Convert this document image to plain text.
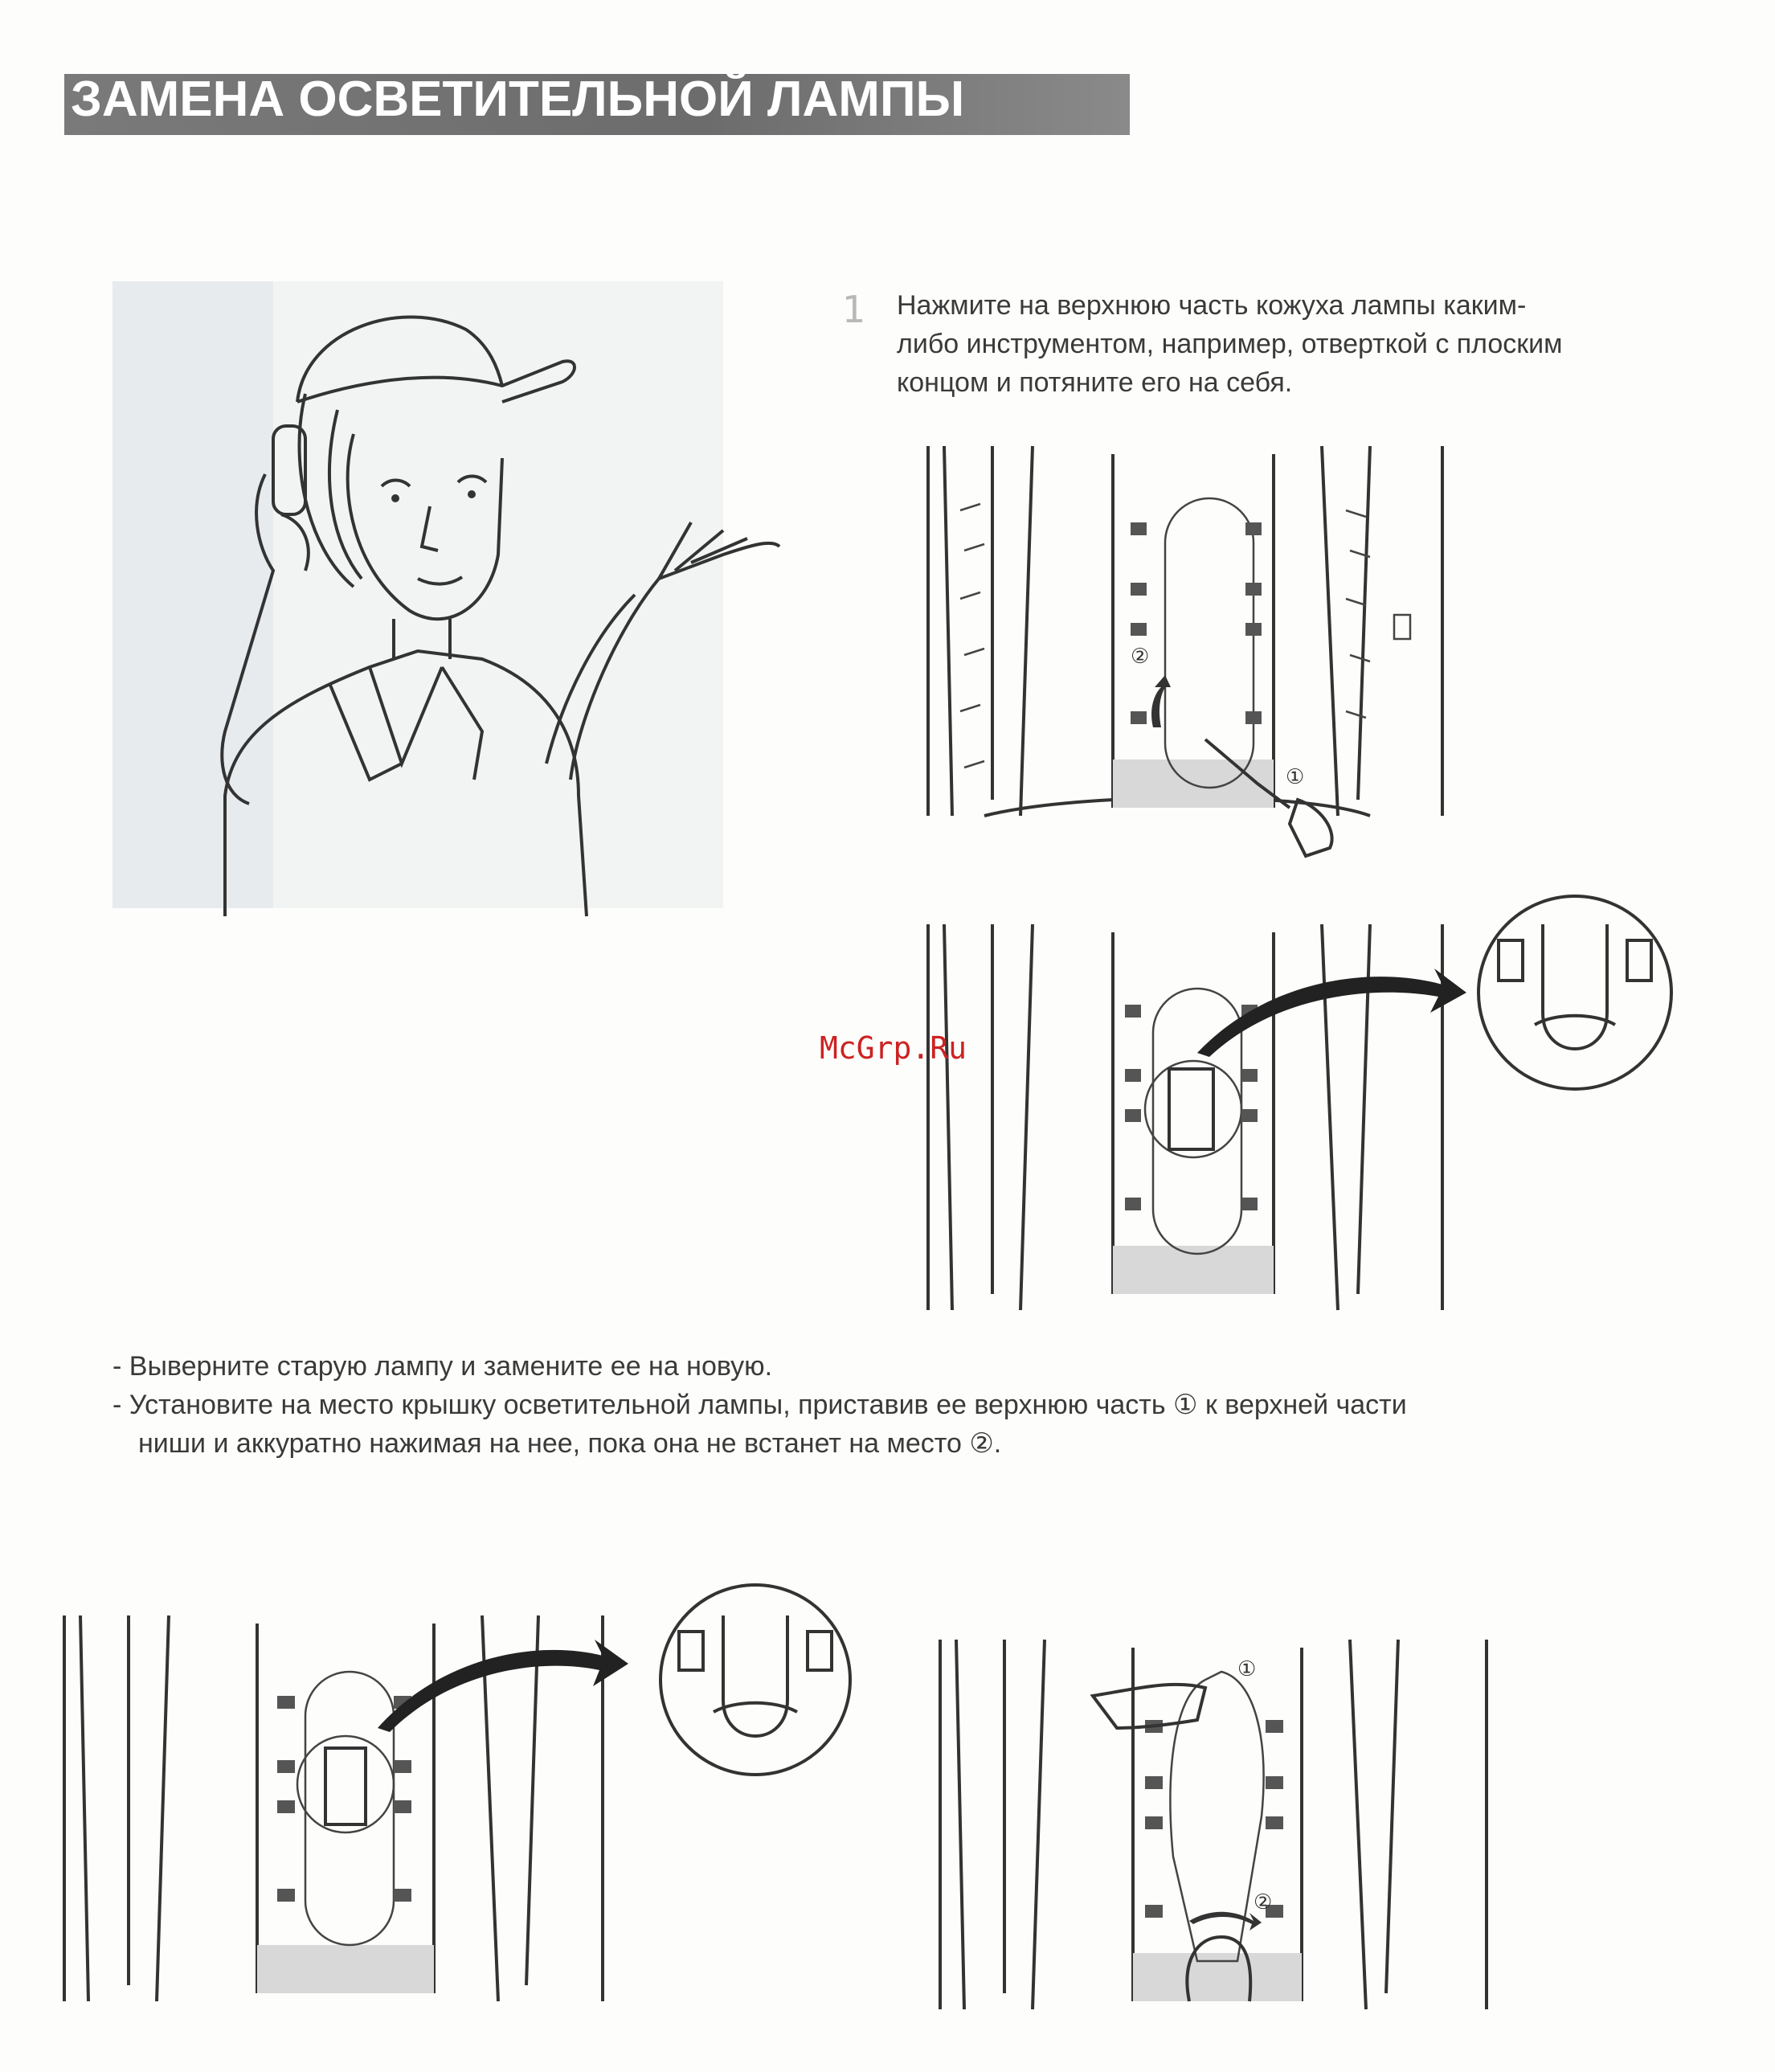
ЗАМЕНА ОСВЕТИТЕЛЬНОЙ ЛАМПЫ
1 Нажмите на верхнюю часть кожуха лампы каким-
либо инструментом, например, отверткой с плоским
концом и потяните его на себя.
②
①
McGrp.Ru
- Выверните старую лампу и замените ее на новую.
- Установите на место крышку осветительной лампы, приставив ее верхнюю часть ① к верхней части
ниши и аккуратно нажимая на нее, пока она не встанет на место ②.
①
②
